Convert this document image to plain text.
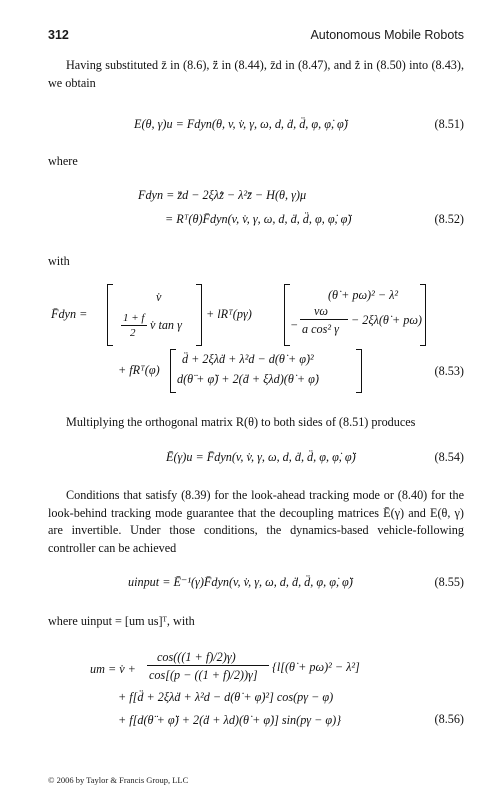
312	Autonomous Mobile Robots
Having substituted z̄ in (8.6), z̄̈ in (8.44), z̄d in (8.47), and z̄̇ in (8.50) into (8.43), we obtain
E(θ, γ)u = Fdyn(θ, v, v̇, γ, ω, d, ḋ, d̈, φ, φ̇, φ̈)	(8.51)
where
Fdyn = z̄̈d − 2ξλz̄̇ − λ²z̄ − H(θ, γ)μ
= Rᵀ(θ)F̄dyn(v, v̇, γ, ω, d, ḋ, d̈, φ, φ̇, φ̈)	(8.52)
with
F̄dyn =
v̇
1 + f
2
v̇ tan γ
+ lRᵀ(pγ)
(θ̇ + pω)² − λ²
−
vω
a cos² γ
− 2ξλ(θ̇ + pω)
+ fRᵀ(φ)
d̈ + 2ξλḋ + λ²d − d(θ̇ + φ̇)²
d(θ̈ + φ̈) + 2(ḋ + ξλd)(θ̇ + φ̇)
(8.53)
Multiplying the orthogonal matrix R(θ) to both sides of (8.51) produces
Ē(γ)u = F̄dyn(v, v̇, γ, ω, d, ḋ, d̈, φ, φ̇, φ̈)	(8.54)
Conditions that satisfy (8.39) for the look-ahead tracking mode or (8.40) for the look-behind tracking mode guarantee that the decoupling matrices Ē(γ) and E(θ, γ) are invertible. Under those conditions, the dynamics-based vehicle-following controller can be achieved
uinput = Ē⁻¹(γ)F̄dyn(v, v̇, γ, ω, d, ḋ, d̈, φ, φ̇, φ̈)	(8.55)
where uinput = [um us]ᵀ, with
um = v̇ +
cos(((1 + f)/2)γ)
cos[(p − ((1 + f)/2))γ]
{l[(θ̇ + pω)² − λ²]
+ f[d̈ + 2ξλḋ + λ²d − d(θ̇ + φ̇)²] cos(pγ − φ)
+ f[d(θ̈ + φ̈) + 2(ḋ + λd)(θ̇ + φ̇)] sin(pγ − φ)}	(8.56)
© 2006 by Taylor & Francis Group, LLC
